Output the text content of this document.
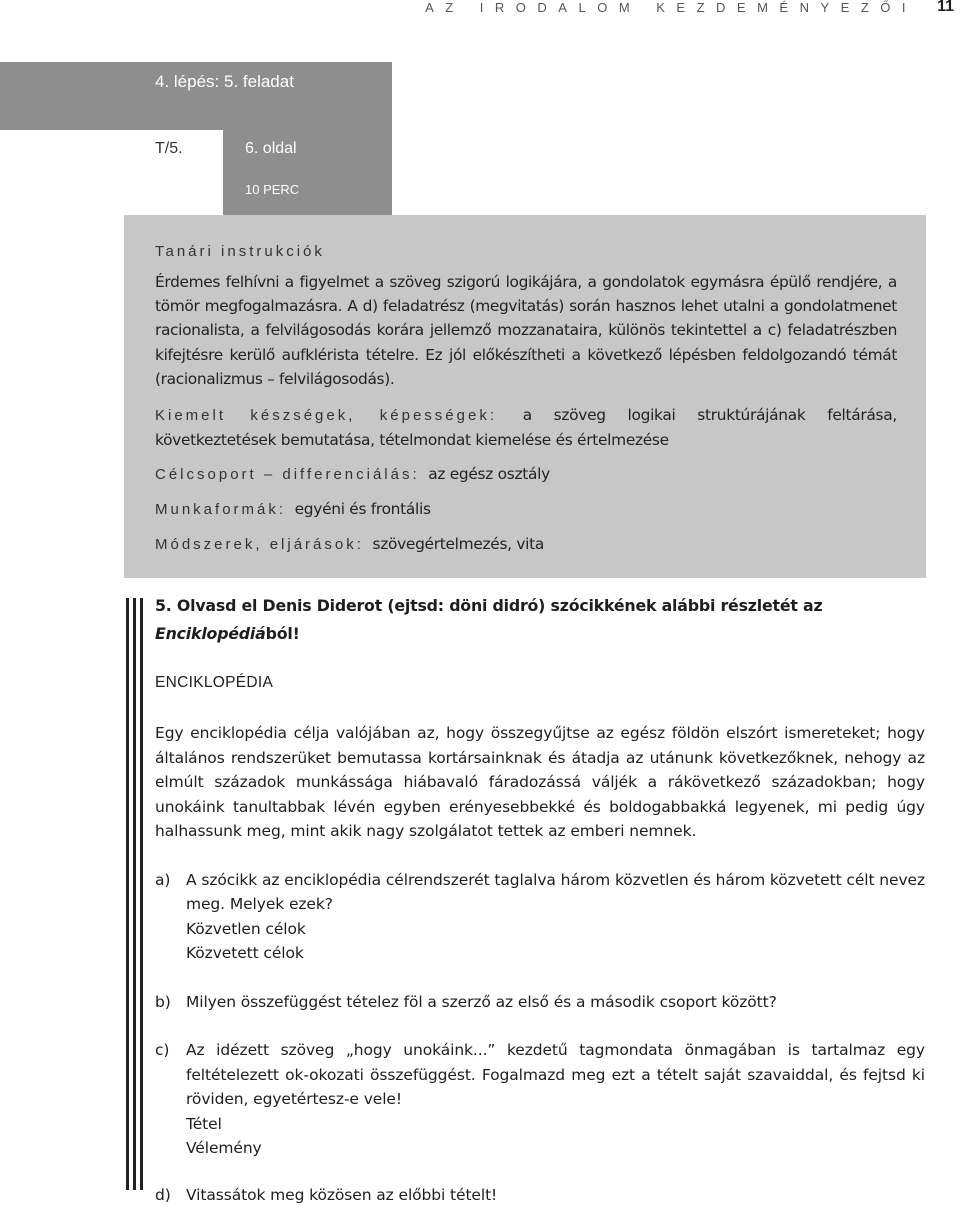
AZ IRODALOM KEZDEMÉNYEZŐI 11
4. lépés: 5. feladat
T/5.	6. oldal
10 PERC
Tanári instrukciók

Érdemes felhívni a figyelmet a szöveg szigorú logikájára, a gondolatok egymásra épülő rendjére, a tömör megfogalmazásra. A d) feladatrész (megvitatás) során hasznos lehet utalni a gondolatmenet racionalista, a felvilágosodás korára jellemző mozzanataira, különös tekintettel a c) feladatrészben kifejtésre kerülő aufklérista tételre. Ez jól előkészítheti a következő lépésben feldolgozandó témát (racionalizmus – felvilágosodás).

Kiemelt készségek, képességek: a szöveg logikai struktúrájának feltárása, következtetések bemutatása, tételmondat kiemelése és értelmezése

Célcsoport – differenciálás: az egész osztály

Munkaformák: egyéni és frontális

Módszerek, eljárások: szövegértelmezés, vita

5. Olvasd el Denis Diderot (ejtsd: döni didró) szócikkének alábbi részletét az Enciklopédiából!

ENCIKLOPÉDIA
Egy enciklopédia célja valójában az, hogy összegyűjtse az egész földön elszórt ismereteket; hogy általános rendszerüket bemutassa kortársainknak és átadja az utánunk következőknek, nehogy az elmúlt századok munkássága hiábavaló fáradozássá váljék a rákövetkező századokban; hogy unokáink tanultabbak lévén egyben erényesebbekké és boldogabbakká legyenek, mi pedig úgy halhassunk meg, mint akik nagy szolgálatot tettek az emberi nemnek.
a) A szócikk az enciklopédia célrendszerét taglalva három közvetlen és három közvetett célt nevez meg. Melyek ezek?
Közvetlen célok
Közvetett célok
b) Milyen összefüggést tételez föl a szerző az első és a második csoport között?
c) Az idézett szöveg „hogy unokáink...” kezdetű tagmondata önmagában is tartalmaz egy feltételezett ok-okozati összefüggést. Fogalmazd meg ezt a tételt saját szavaiddal, és fejtsd ki röviden, egyetértesz-e vele!
Tétel
Vélemény
d) Vitassátok meg közösen az előbbi tételt!
